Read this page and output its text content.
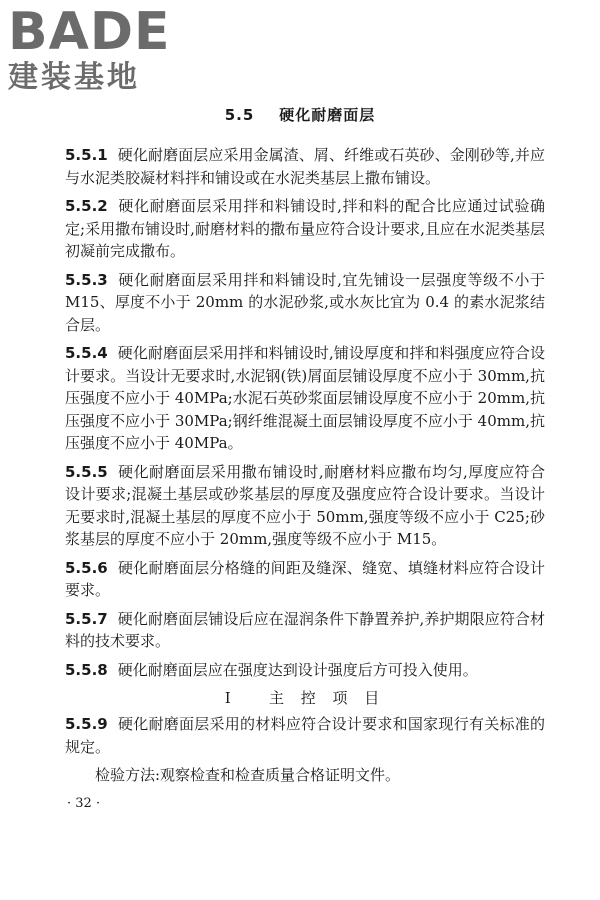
BADE
建装基地
5.5 硬化耐磨面层

5.5.1 硬化耐磨面层应采用金属渣、屑、纤维或石英砂、金刚砂等,并应与水泥类胶凝材料拌和铺设或在水泥类基层上撒布铺设。

5.5.2 硬化耐磨面层采用拌和料铺设时,拌和料的配合比应通过试验确定;采用撒布铺设时,耐磨材料的撒布量应符合设计要求,且应在水泥类基层初凝前完成撒布。

5.5.3 硬化耐磨面层采用拌和料铺设时,宜先铺设一层强度等级不小于 M15、厚度不小于 20mm 的水泥砂浆,或水灰比宜为 0.4 的素水泥浆结合层。

5.5.4 硬化耐磨面层采用拌和料铺设时,铺设厚度和拌和料强度应符合设计要求。当设计无要求时,水泥钢(铁)屑面层铺设厚度不应小于 30mm,抗压强度不应小于 40MPa;水泥石英砂浆面层铺设厚度不应小于 20mm,抗压强度不应小于 30MPa;钢纤维混凝土面层铺设厚度不应小于 40mm,抗压强度不应小于 40MPa。

5.5.5 硬化耐磨面层采用撒布铺设时,耐磨材料应撒布均匀,厚度应符合设计要求;混凝土基层或砂浆基层的厚度及强度应符合设计要求。当设计无要求时,混凝土基层的厚度不应小于 50mm,强度等级不应小于 C25;砂浆基层的厚度不应小于 20mm,强度等级不应小于 M15。

5.5.6 硬化耐磨面层分格缝的间距及缝深、缝宽、填缝材料应符合设计要求。

5.5.7 硬化耐磨面层铺设后应在湿润条件下静置养护,养护期限应符合材料的技术要求。

5.5.8 硬化耐磨面层应在强度达到设计强度后方可投入使用。

Ⅰ 主 控 项 目

5.5.9 硬化耐磨面层采用的材料应符合设计要求和国家现行有关标准的规定。

检验方法:观察检查和检查质量合格证明文件。

· 32 ·
